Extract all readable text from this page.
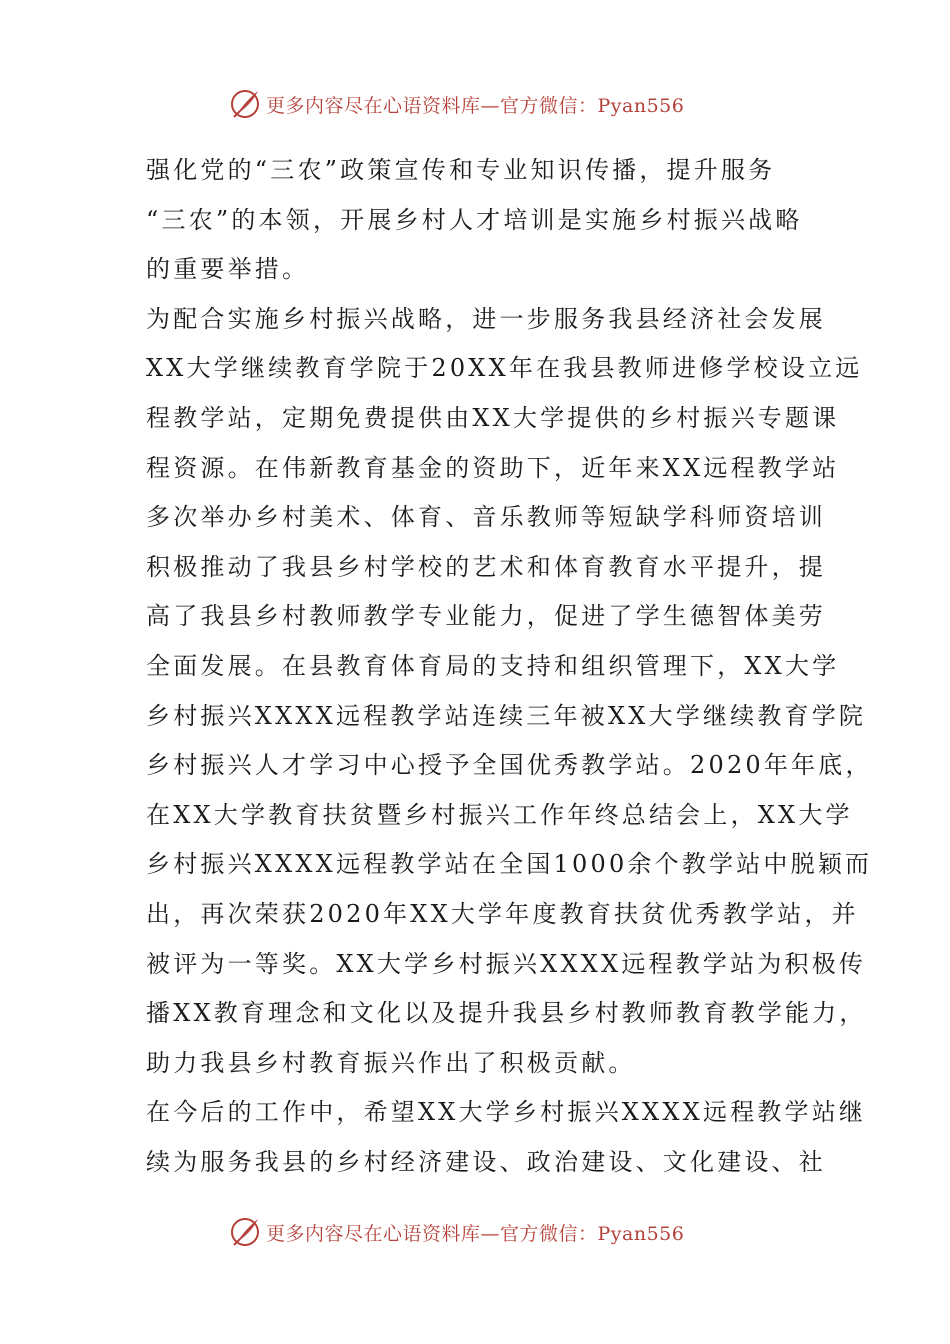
更多内容尽在心语资料库—官方微信：Pyan556
强化党的“三农”政策宣传和专业知识传播，提升服务
“三农”的本领，开展乡村人才培训是实施乡村振兴战略
的重要举措。
为配合实施乡村振兴战略，进一步服务我县经济社会发展
XX大学继续教育学院于20XX年在我县教师进修学校设立远
程教学站，定期免费提供由XX大学提供的乡村振兴专题课
程资源。在伟新教育基金的资助下，近年来XX远程教学站
多次举办乡村美术、体育、音乐教师等短缺学科师资培训
积极推动了我县乡村学校的艺术和体育教育水平提升，提
高了我县乡村教师教学专业能力，促进了学生德智体美劳
全面发展。在县教育体育局的支持和组织管理下，XX大学
乡村振兴XXXX远程教学站连续三年被XX大学继续教育学院
乡村振兴人才学习中心授予全国优秀教学站。2020年年底，
在XX大学教育扶贫暨乡村振兴工作年终总结会上，XX大学
乡村振兴XXXX远程教学站在全国1000余个教学站中脱颖而
出，再次荣获2020年XX大学年度教育扶贫优秀教学站，并
被评为一等奖。XX大学乡村振兴XXXX远程教学站为积极传
播XX教育理念和文化以及提升我县乡村教师教育教学能力，
助力我县乡村教育振兴作出了积极贡献。
在今后的工作中，希望XX大学乡村振兴XXXX远程教学站继
续为服务我县的乡村经济建设、政治建设、文化建设、社
更多内容尽在心语资料库—官方微信：Pyan556
